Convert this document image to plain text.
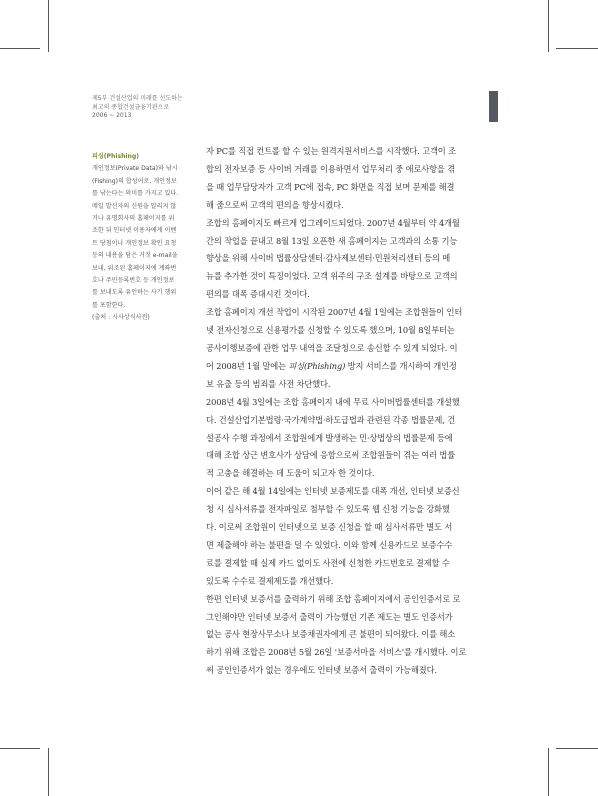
제5부 건설산업의 미래를 선도하는
최고의 종합건설금융기관으로
2006 ~ 2013
피싱(Phishing)
개인정보(Private Data)와 낚시
(Fishing)의 합성어로, 개인정보
를 낚는다는 의미를 가지고 있다.
메일 발신자의 신원을 알리지 않
거나 유명회사의 홈페이지를 위
조한 뒤 인터넷 이용자에게 이벤
트 당첨이나 개인정보 확인 요청
등의 내용을 담은 거짓 e-mail을
보내, 위조된 홈페이지에 계좌번
호나 주민등록번호 등 개인정보
를 보내도록 유인하는 사기 행위
를 포함한다.
(출처 : 시사상식사전)
자 PC를 직접 컨트롤 할 수 있는 원격지원서비스를 시작했다. 고객이 조
합의 전자보증 등 사이버 거래를 이용하면서 업무처리 중 애로사항을 겪
을 때 업무담당자가 고객 PC에 접속, PC 화면을 직접 보며 문제를 해결
해 줌으로써 고객의 편의을 향상시켰다.
조합의 홈페이지도 빠르게 업그레이드되었다. 2007년 4월부터 약 4개월
간의 작업을 끝내고 8월 13일 오픈한 새 홈페이지는 고객과의 소통 기능
향상을 위해 사이버 법률상담센터·감사제보센터·민원처리센터 등의 메
뉴를 추가한 것이 특징이었다. 고객 위주의 구조 설계를 바탕으로 고객의
편의를 대폭 증대시킨 것이다.
조합 홈페이지 개선 작업이 시작된 2007년 4월 1일에는 조합원들이 인터
넷 전자신청으로 신용평가를 신청할 수 있도록 했으며, 10월 8일부터는
공사이행보증에 관한 업무 내역을 조달청으로 송신할 수 있게 되었다. 이
어 2008년 1월 말에는 피싱(Phishing) 방지 서비스를 개시하여 개인정
보 유출 등의 범죄를 사전 차단했다.
2008년 4월 3일에는 조합 홈페이지 내에 무료 사이버법률센터를 개설했
다. 건설산업기본법령·국가계약법·하도급법과 관련된 각종 법률문제, 건
설공사 수행 과정에서 조합원에게 발생하는 민·상법상의 법률문제 등에
대해 조합 상근 변호사가 상담에 응함으로써 조합원들이 겪는 여러 법률
적 고충을 해결하는 데 도움이 되고자 한 것이다.
이어 같은 해 4월 14일에는 인터넷 보증제도를 대폭 개선, 인터넷 보증신
청 시 심사서류를 전자파일로 첨부할 수 있도록 웹 신청 기능을 강화했
다. 이로써 조합원이 인터넷으로 보증 신청을 할 때 심사서류만 별도 서
면 제출해야 하는 불편을 덜 수 있었다. 이와 함께 신용카드로 보증수수
료를 결제할 때 실제 카드 없이도 사전에 신청한 카드번호로 결제할 수
있도록 수수료 결제제도를 개선했다.
한편 인터넷 보증서를 출력하기 위해 조합 홈페이지에서 공인인증서로 로
그인해야만 인터넷 보증서 출력이 가능했던 기존 제도는 별도 인증서가
없는 공사 현장사무소나 보증채권자에게 큰 불편이 되어왔다. 이를 해소
하기 위해 조합은 2008년 5월 26일 '보증서마을 서비스'를 개시했다. 이로
써 공인인증서가 없는 경우에도 인터넷 보증서 출력이 가능해졌다.
